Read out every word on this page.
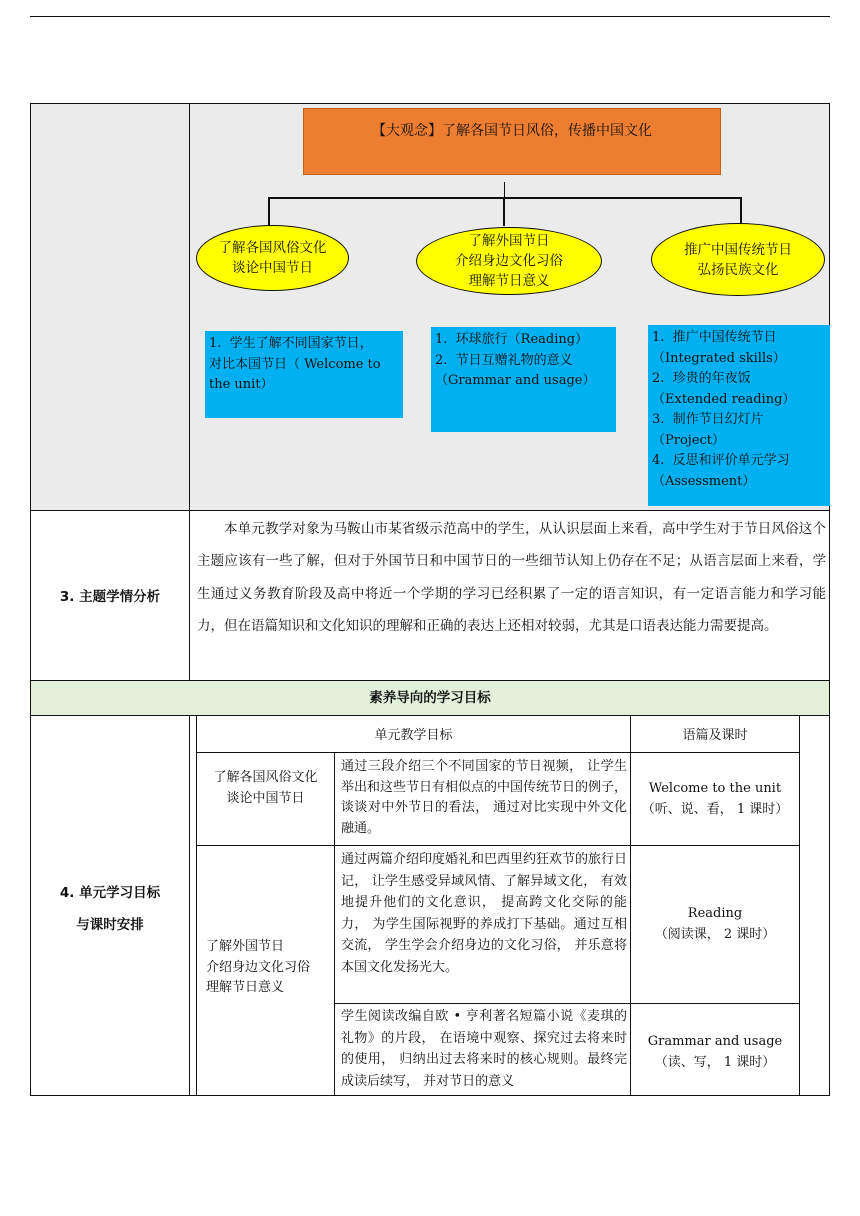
【大观念】了解各国节日风俗，传播中国文化
了解各国风俗文化
谈论中国节日
了解外国节日
介绍身边文化习俗
理解节日意义
推广中国传统节日
弘扬民族文化
1.  学生了解不同国家节日，
对比本国节日（ Welcome to
the unit）
1.  环球旅行（Reading）
2.  节日互赠礼物的意义
（Grammar and usage）
1.  推广中国传统节日
（Integrated skills）
2.  珍贵的年夜饭
（Extended reading）
3.  制作节日幻灯片
（Project）
4.  反思和评价单元学习
（Assessment）
3. 主题学情分析
本单元教学对象为马鞍山市某省级示范高中的学生，从认识层面上来看，高中学生对于节日风俗这个主题应该有一些了解，但对于外国节日和中国节日的一些细节认知上仍存在不足；从语言层面上来看，学生通过义务教育阶段及高中将近一个学期的学习已经积累了一定的语言知识，有一定语言能力和学习能力，但在语篇知识和文化知识的理解和正确的表达上还相对较弱，尤其是口语表达能力需要提高。
素养导向的学习目标
4. 单元学习目标
与课时安排
单元教学目标	语篇及课时
了解各国风俗文化
谈论中国节日
通过三段介绍三个不同国家的节日视频， 让学生举出和这些节日有相似点的中国传统节日的例子， 谈谈对中外节日的看法， 通过对比实现中外文化融通。
Welcome to the unit
（听、说、看， 1 课时）
了解外国节日
介绍身边文化习俗
理解节日意义
通过两篇介绍印度婚礼和巴西里约狂欢节的旅行日记， 让学生感受异域风情、了解异域文化， 有效地提升他们的文化意识， 提高跨文化交际的能力， 为学生国际视野的养成打下基础。通过互相交流， 学生学会介绍身边的文化习俗， 并乐意将本国文化发扬光大。
Reading
（阅读课， 2 课时）
学生阅读改编自欧 • 亨利著名短篇小说《麦琪的礼物》的片段， 在语境中观察、探究过去将来时的使用， 归纳出过去将来时的核心规则。最终完成读后续写， 并对节日的意义
Grammar and usage
（读、写， 1 课时）
